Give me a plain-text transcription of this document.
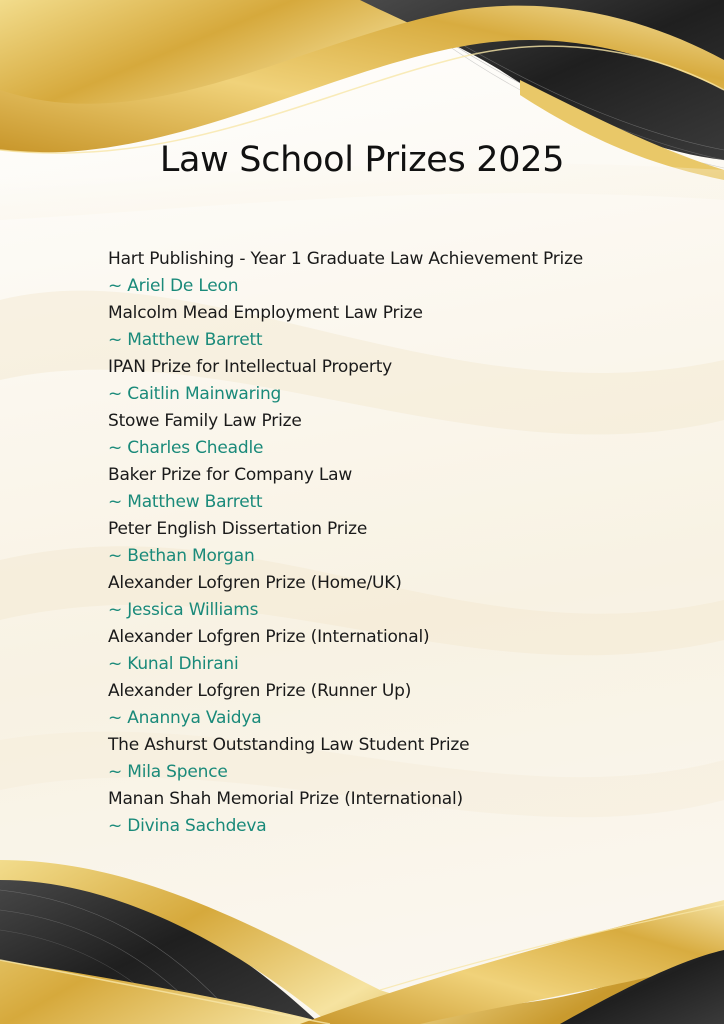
Law School Prizes 2025
Hart Publishing - Year 1 Graduate Law Achievement Prize
~ Ariel De Leon
Malcolm Mead Employment Law Prize
~ Matthew Barrett
IPAN Prize for Intellectual Property
~ Caitlin Mainwaring
Stowe Family Law Prize
~ Charles Cheadle
Baker Prize for Company Law
~ Matthew Barrett
Peter English Dissertation Prize
~ Bethan Morgan
Alexander Lofgren Prize (Home/UK)
~ Jessica Williams
Alexander Lofgren Prize (International)
~ Kunal Dhirani
Alexander Lofgren Prize (Runner Up)
~ Anannya Vaidya
The Ashurst Outstanding Law Student Prize
~ Mila Spence
Manan Shah Memorial Prize (International)
~ Divina Sachdeva
